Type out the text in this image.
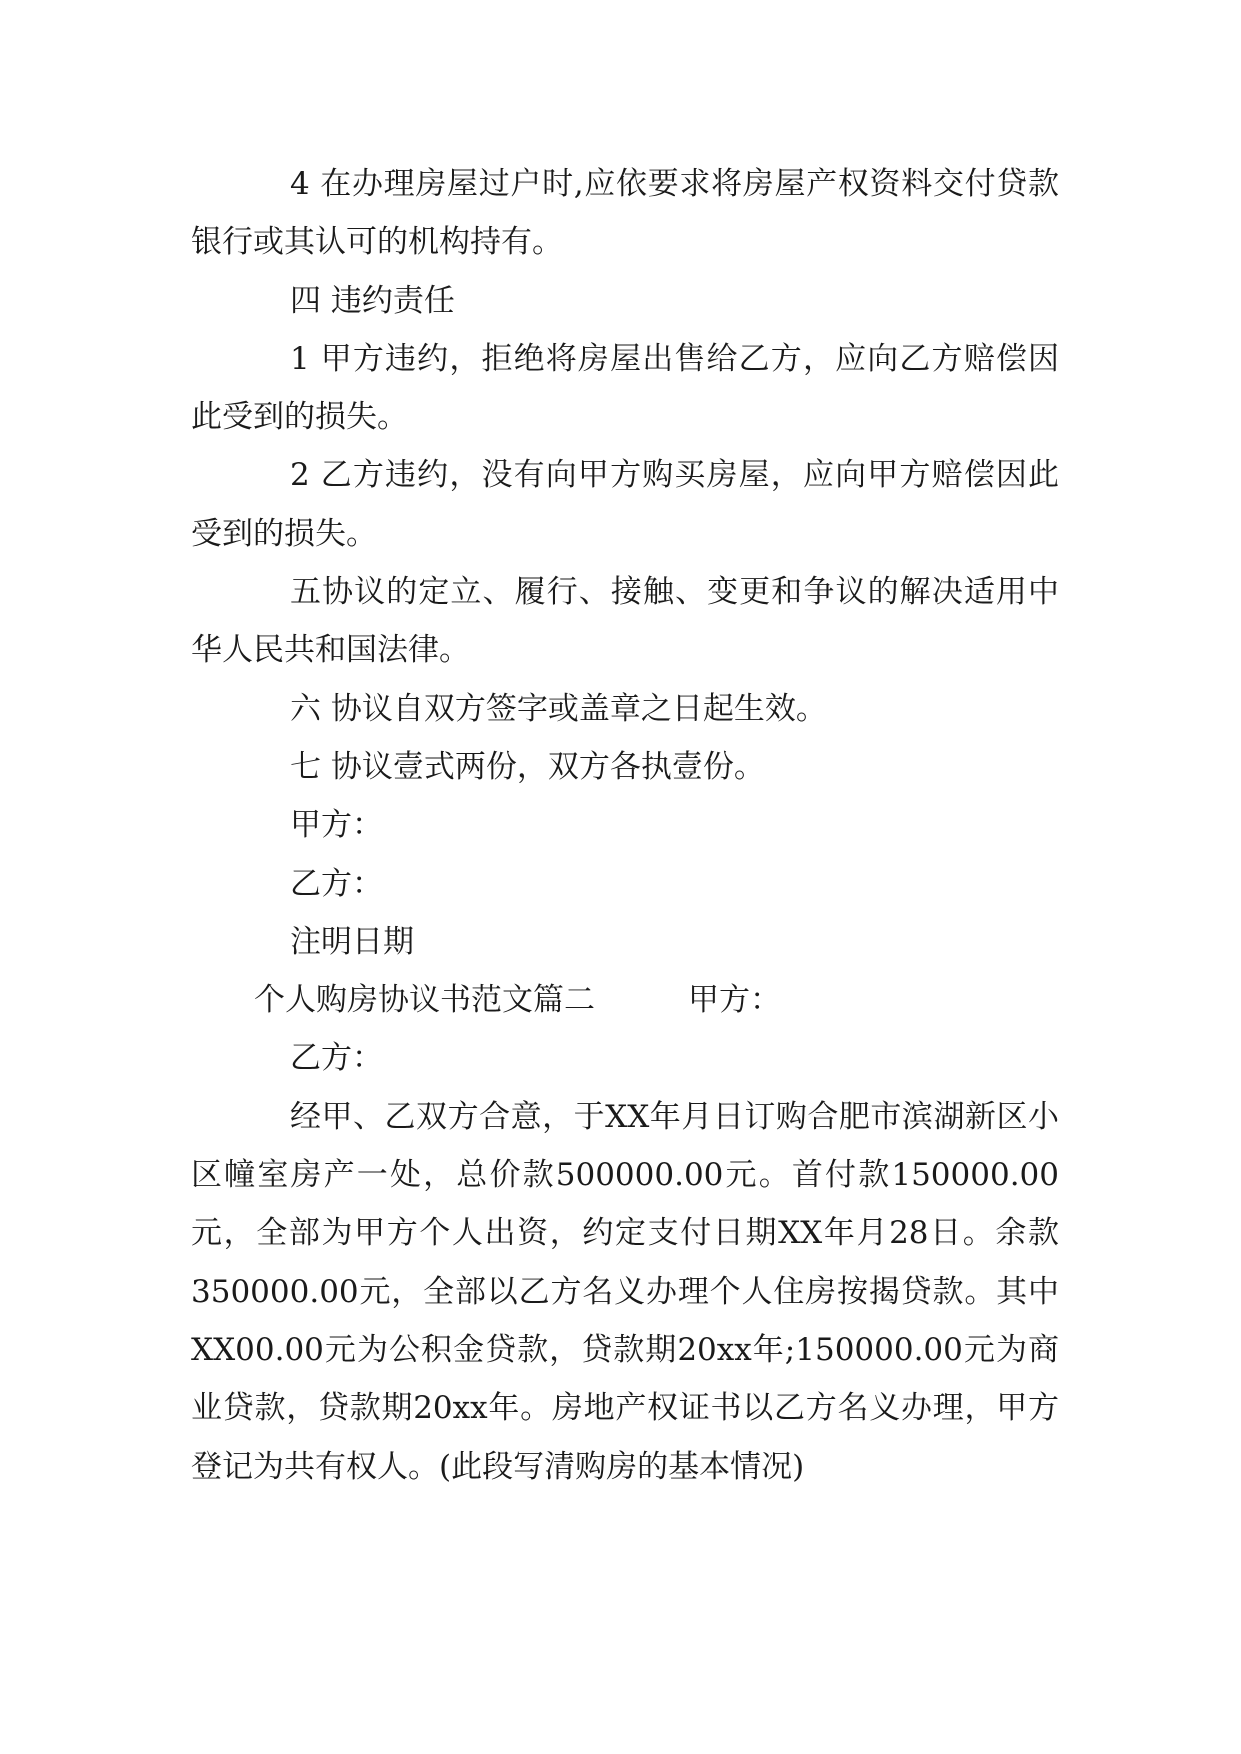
4 在办理房屋过户时,应依要求将房屋产权资料交付贷款银行或其认可的机构持有。

四 违约责任

1 甲方违约，拒绝将房屋出售给乙方，应向乙方赔偿因此受到的损失。

2 乙方违约，没有向甲方购买房屋，应向甲方赔偿因此受到的损失。

五协议的定立、履行、接触、变更和争议的解决适用中华人民共和国法律。

六 协议自双方签字或盖章之日起生效。

七 协议壹式两份，双方各执壹份。

甲方：

乙方：

注明日期

个人购房协议书范文篇二	甲方：

乙方：

经甲、乙双方合意，于XX年月日订购合肥市滨湖新区小区幢室房产一处，总价款500000.00元。首付款150000.00元，全部为甲方个人出资，约定支付日期XX年月28日。余款350000.00元，全部以乙方名义办理个人住房按揭贷款。其中XX00.00元为公积金贷款，贷款期20xx年;150000.00元为商业贷款，贷款期20xx年。房地产权证书以乙方名义办理，甲方登记为共有权人。(此段写清购房的基本情况)
